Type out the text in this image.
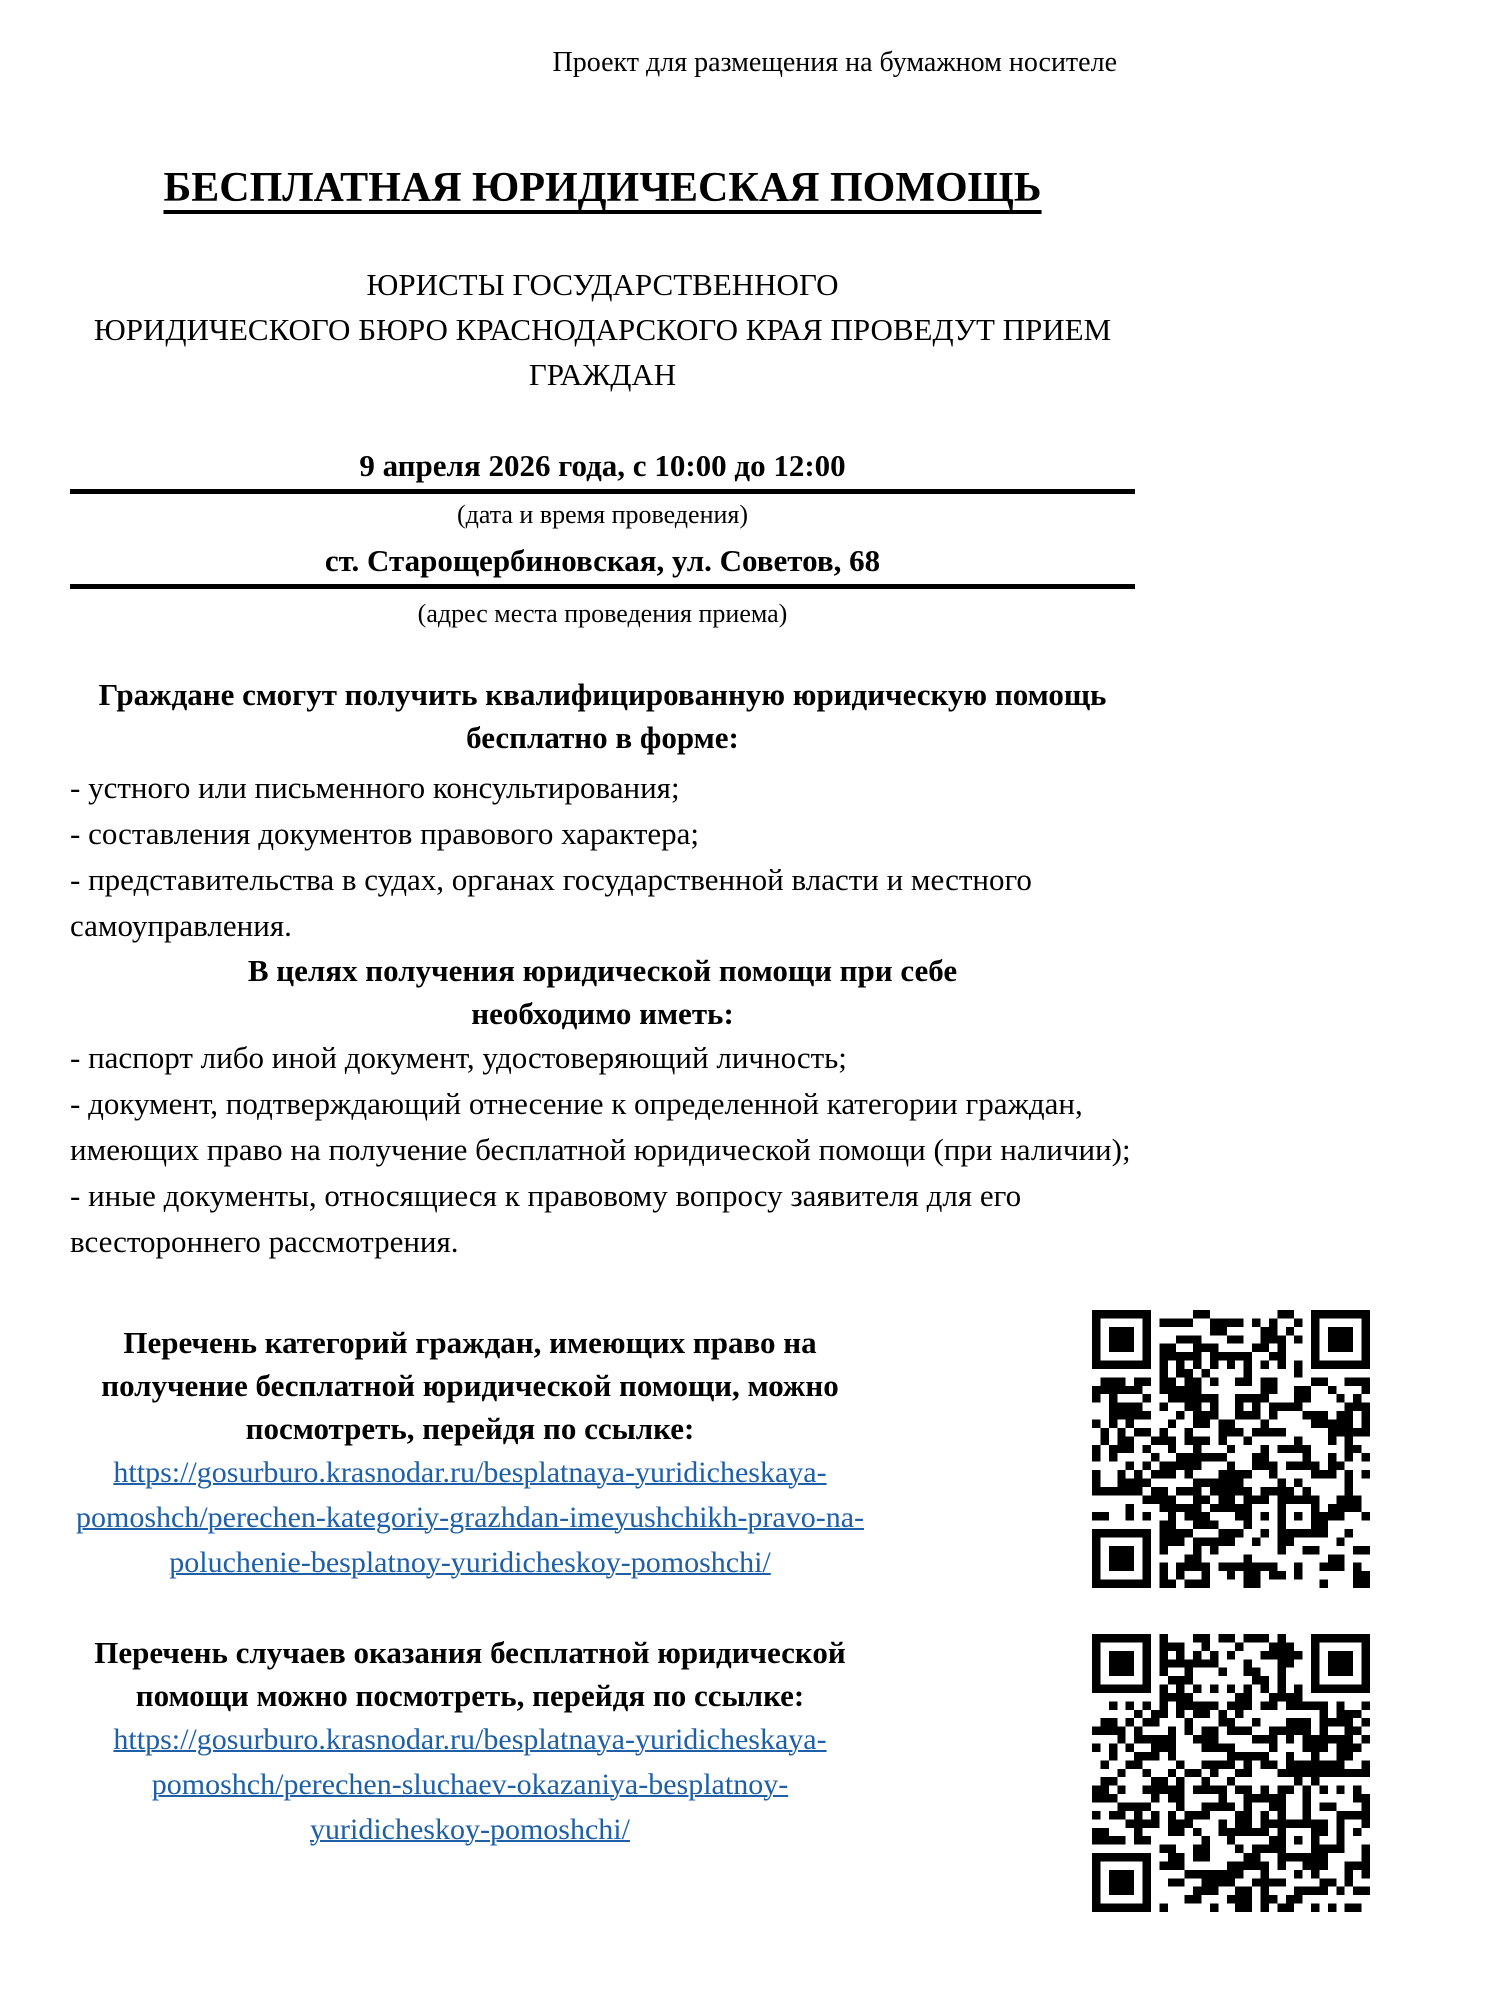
Проект для размещения на бумажном носителе
БЕСПЛАТНАЯ ЮРИДИЧЕСКАЯ ПОМОЩЬ
ЮРИСТЫ ГОСУДАРСТВЕННОГО
ЮРИДИЧЕСКОГО БЮРО КРАСНОДАРСКОГО КРАЯ ПРОВЕДУТ ПРИЕМ
ГРАЖДАН
9 апреля 2026 года, с 10:00 до 12:00
(дата и время проведения)
ст. Старощербиновская, ул. Советов, 68
(адрес места проведения приема)
Граждане смогут получить квалифицированную юридическую помощь
бесплатно в форме:
- устного или письменного консультирования;
- составления документов правового характера;
- представительства в судах, органах государственной власти и местного самоуправления.
В целях получения юридической помощи при себе
необходимо иметь:
- паспорт либо иной документ, удостоверяющий личность;
- документ, подтверждающий отнесение к определенной категории граждан, имеющих право на получение бесплатной юридической помощи (при наличии);
- иные документы, относящиеся к правовому вопросу заявителя для его всестороннего рассмотрения.
Перечень категорий граждан, имеющих право на
получение бесплатной юридической помощи, можно
посмотреть, перейдя по ссылке:
https://gosurburo.krasnodar.ru/besplatnaya-yuridicheskaya-pomoshch/perechen-kategoriy-grazhdan-imeyushchikh-pravo-na-poluchenie-besplatnoy-yuridicheskoy-pomoshchi/
Перечень случаев оказания бесплатной юридической
помощи можно посмотреть, перейдя по ссылке:
https://gosurburo.krasnodar.ru/besplatnaya-yuridicheskaya-pomoshch/perechen-sluchaev-okazaniya-besplatnoy-yuridicheskoy-pomoshchi/
